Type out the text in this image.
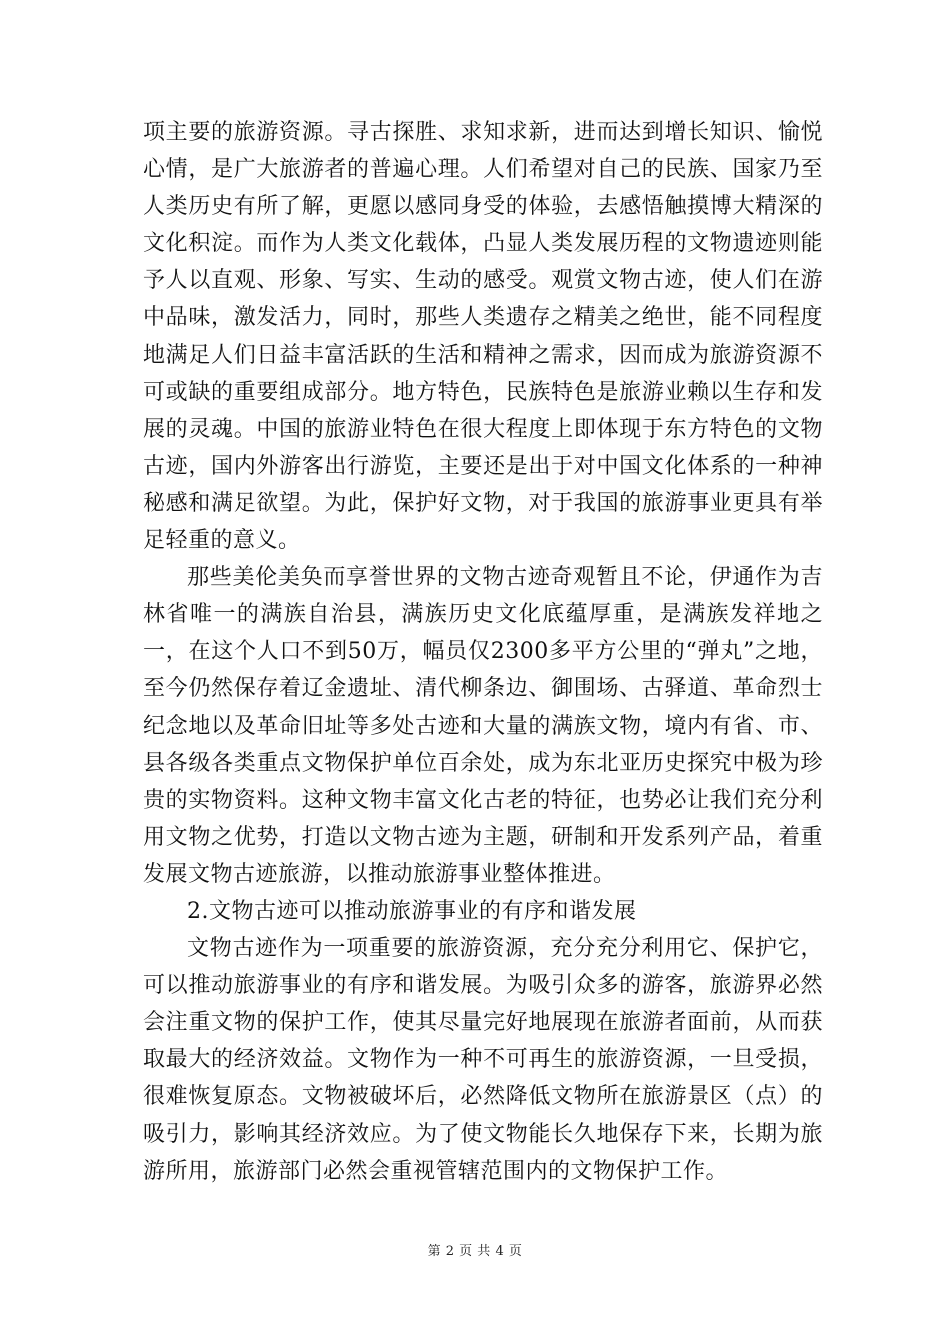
项主要的旅游资源。寻古探胜、求知求新，进而达到增长知识、愉悦心情，是广大旅游者的普遍心理。人们希望对自己的民族、国家乃至人类历史有所了解，更愿以感同身受的体验，去感悟触摸博大精深的文化积淀。而作为人类文化载体，凸显人类发展历程的文物遗迹则能予人以直观、形象、写实、生动的感受。观赏文物古迹，使人们在游中品味，激发活力，同时，那些人类遗存之精美之绝世，能不同程度地满足人们日益丰富活跃的生活和精神之需求，因而成为旅游资源不可或缺的重要组成部分。地方特色，民族特色是旅游业赖以生存和发展的灵魂。中国的旅游业特色在很大程度上即体现于东方特色的文物古迹，国内外游客出行游览，主要还是出于对中国文化体系的一种神秘感和满足欲望。为此，保护好文物，对于我国的旅游事业更具有举足轻重的意义。

那些美伦美奂而享誉世界的文物古迹奇观暂且不论，伊通作为吉林省唯一的满族自治县，满族历史文化底蕴厚重，是满族发祥地之一，在这个人口不到50万，幅员仅2300多平方公里的“弹丸”之地，至今仍然保存着辽金遗址、清代柳条边、御围场、古驿道、革命烈士纪念地以及革命旧址等多处古迹和大量的满族文物，境内有省、市、县各级各类重点文物保护单位百余处，成为东北亚历史探究中极为珍贵的实物资料。这种文物丰富文化古老的特征，也势必让我们充分利用文物之优势，打造以文物古迹为主题，研制和开发系列产品，着重发展文物古迹旅游，以推动旅游事业整体推进。

2.文物古迹可以推动旅游事业的有序和谐发展

文物古迹作为一项重要的旅游资源，充分充分利用它、保护它，可以推动旅游事业的有序和谐发展。为吸引众多的游客，旅游界必然会注重文物的保护工作，使其尽量完好地展现在旅游者面前，从而获取最大的经济效益。文物作为一种不可再生的旅游资源，一旦受损，很难恢复原态。文物被破坏后，必然降低文物所在旅游景区（点）的吸引力，影响其经济效应。为了使文物能长久地保存下来，长期为旅游所用，旅游部门必然会重视管辖范围内的文物保护工作。

第 2 页 共 4 页
